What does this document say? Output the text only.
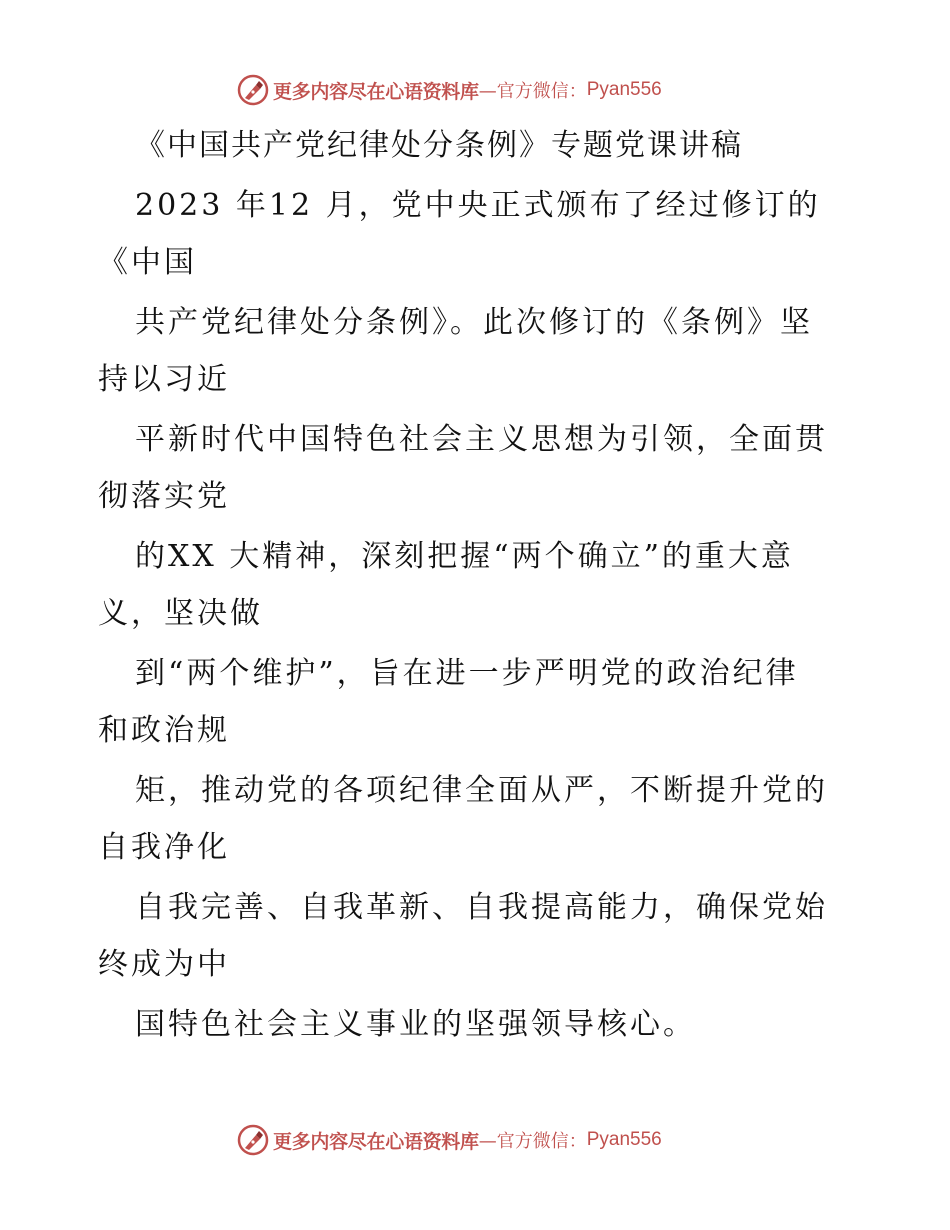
更多内容尽在心语资料库 —官方微信： Pyan556
《中国共产党纪律处分条例》专题党课讲稿
2023 年12 月，党中央正式颁布了经过修订的
《中国
共产党纪律处分条例》。此次修订的《条例》坚
持以习近
平新时代中国特色社会主义思想为引领，全面贯
彻落实党
的XX 大精神，深刻把握“两个确立”的重大意
义，坚决做
到“两个维护”，旨在进一步严明党的政治纪律
和政治规
矩，推动党的各项纪律全面从严，不断提升党的
自我净化
自我完善、自我革新、自我提高能力，确保党始
终成为中
国特色社会主义事业的坚强领导核心。
更多内容尽在心语资料库 —官方微信： Pyan556
